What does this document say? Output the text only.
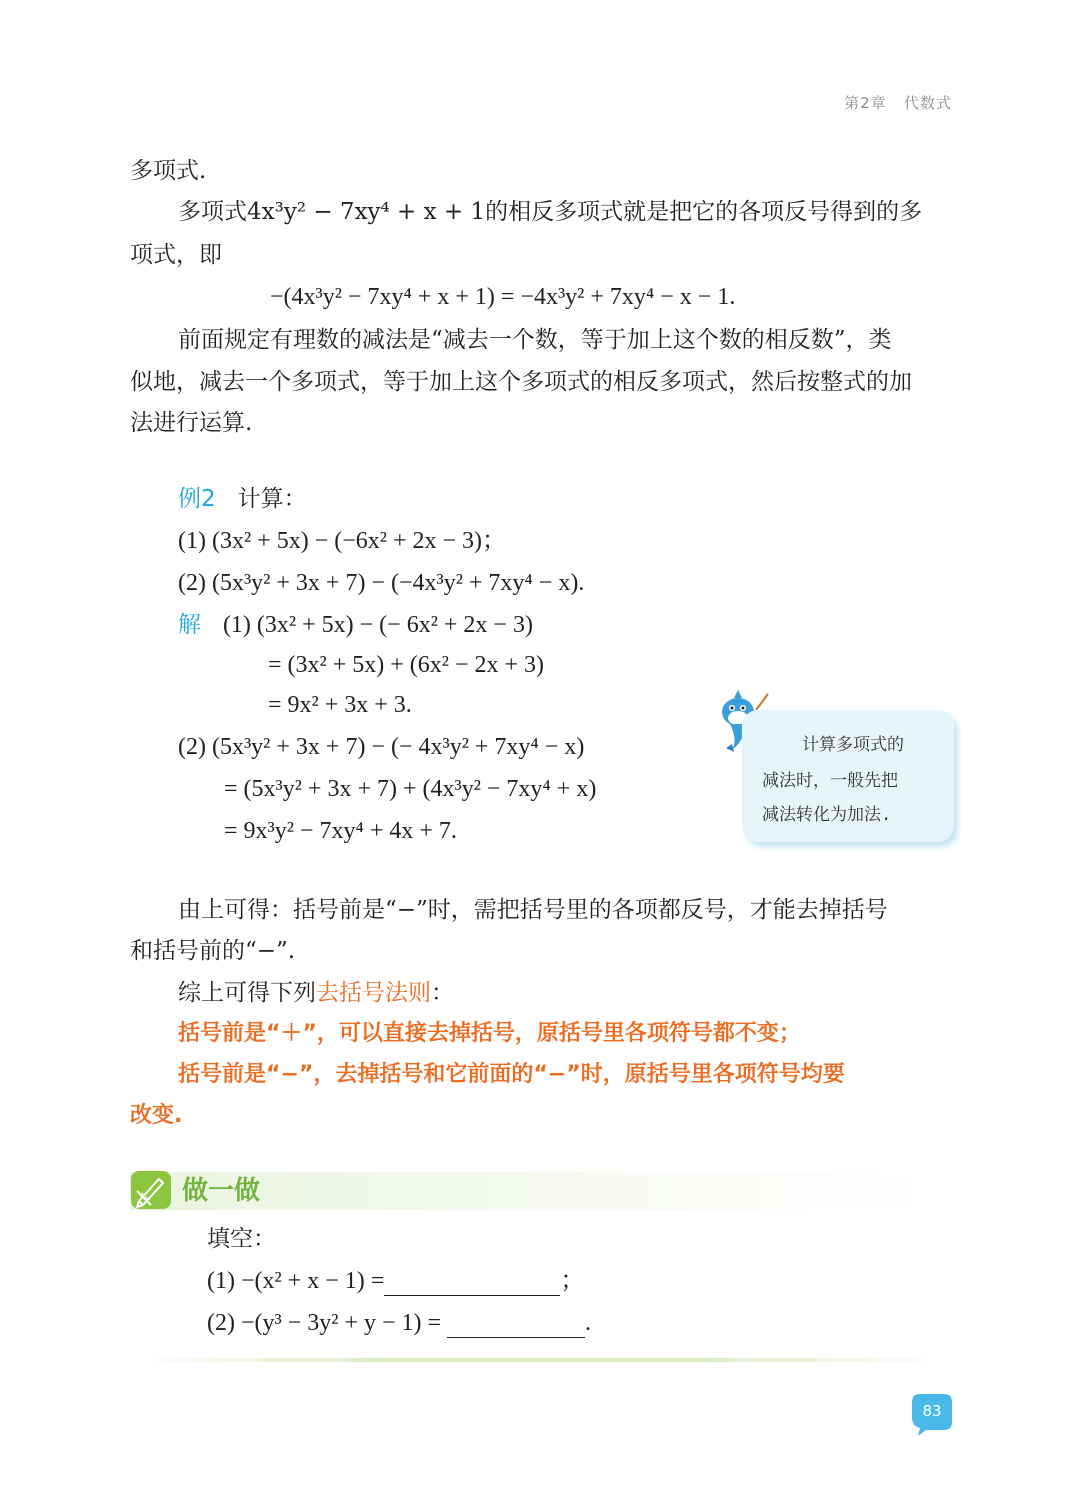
第2章 代数式
多项式.
多项式4x³y² − 7xy⁴ + x + 1的相反多项式就是把它的各项反号得到的多
项式，即
−(4x³y² − 7xy⁴ + x + 1) = −4x³y² + 7xy⁴ − x − 1.
前面规定有理数的减法是“减去一个数，等于加上这个数的相反数”，类
似地，减去一个多项式，等于加上这个多项式的相反多项式，然后按整式的加
法进行运算.
例2 计算：
(1) (3x² + 5x) − (−6x² + 2x − 3)；
(2) (5x³y² + 3x + 7) − (−4x³y² + 7xy⁴ − x).
解 (1) (3x² + 5x) − (− 6x² + 2x − 3)
= (3x² + 5x) + (6x² − 2x + 3)
= 9x² + 3x + 3.
(2) (5x³y² + 3x + 7) − (− 4x³y² + 7xy⁴ − x)
= (5x³y² + 3x + 7) + (4x³y² − 7xy⁴ + x)
= 9x³y² − 7xy⁴ + 4x + 7.
计算多项式的
减法时，一般先把
减法转化为加法.
由上可得：括号前是“−”时，需把括号里的各项都反号，才能去掉括号
和括号前的“−”.
综上可得下列去括号法则：
括号前是“＋”，可以直接去掉括号，原括号里各项符号都不变；
括号前是“−”，去掉括号和它前面的“−”时，原括号里各项符号均要
改变.
做一做
填空：
(1) −(x² + x − 1) =	；
(2) −(y³ − 3y² + y − 1) =	.
83
